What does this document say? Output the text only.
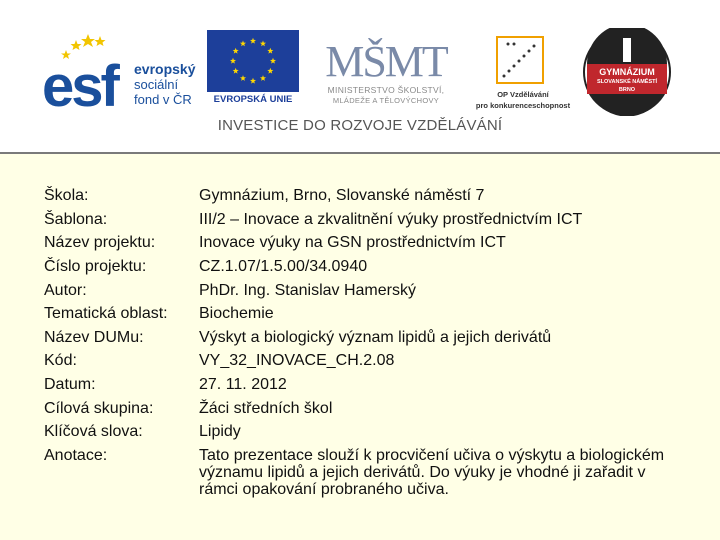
esf evropský
sociální
fond v ČR	EVROPSKÁ UNIE
MŠMT
MINISTERSTVO ŠKOLSTVÍ,
MLÁDEŽE A TĚLOVÝCHOVY
OP Vzdělávání
pro konkurenceschopnost
GYMNÁZIUM
SLOVANSKÉ NÁMĚSTÍ
BRNO
INVESTICE DO ROZVOJE VZDĚLÁVÁNÍ
Škola:	Gymnázium, Brno, Slovanské náměstí 7
Šablona:	III/2 – Inovace a zkvalitnění výuky prostřednictvím ICT
Název projektu:	Inovace výuky na GSN prostřednictvím ICT
Číslo projektu:	CZ.1.07/1.5.00/34.0940
Autor:	PhDr. Ing. Stanislav Hamerský
Tematická oblast: Biochemie
Název DUMu:	Výskyt a biologický význam lipidů a jejich derivátů
Kód:	VY_32_INOVACE_CH.2.08
Datum:	27. 11. 2012
Cílová skupina:	Žáci středních škol
Klíčová slova:	Lipidy
Anotace:	Tato prezentace slouží k procvičení učiva o výskytu a biologickém významu lipidů a jejich derivátů. Do výuky je vhodné ji zařadit v rámci opakování probraného učiva.
